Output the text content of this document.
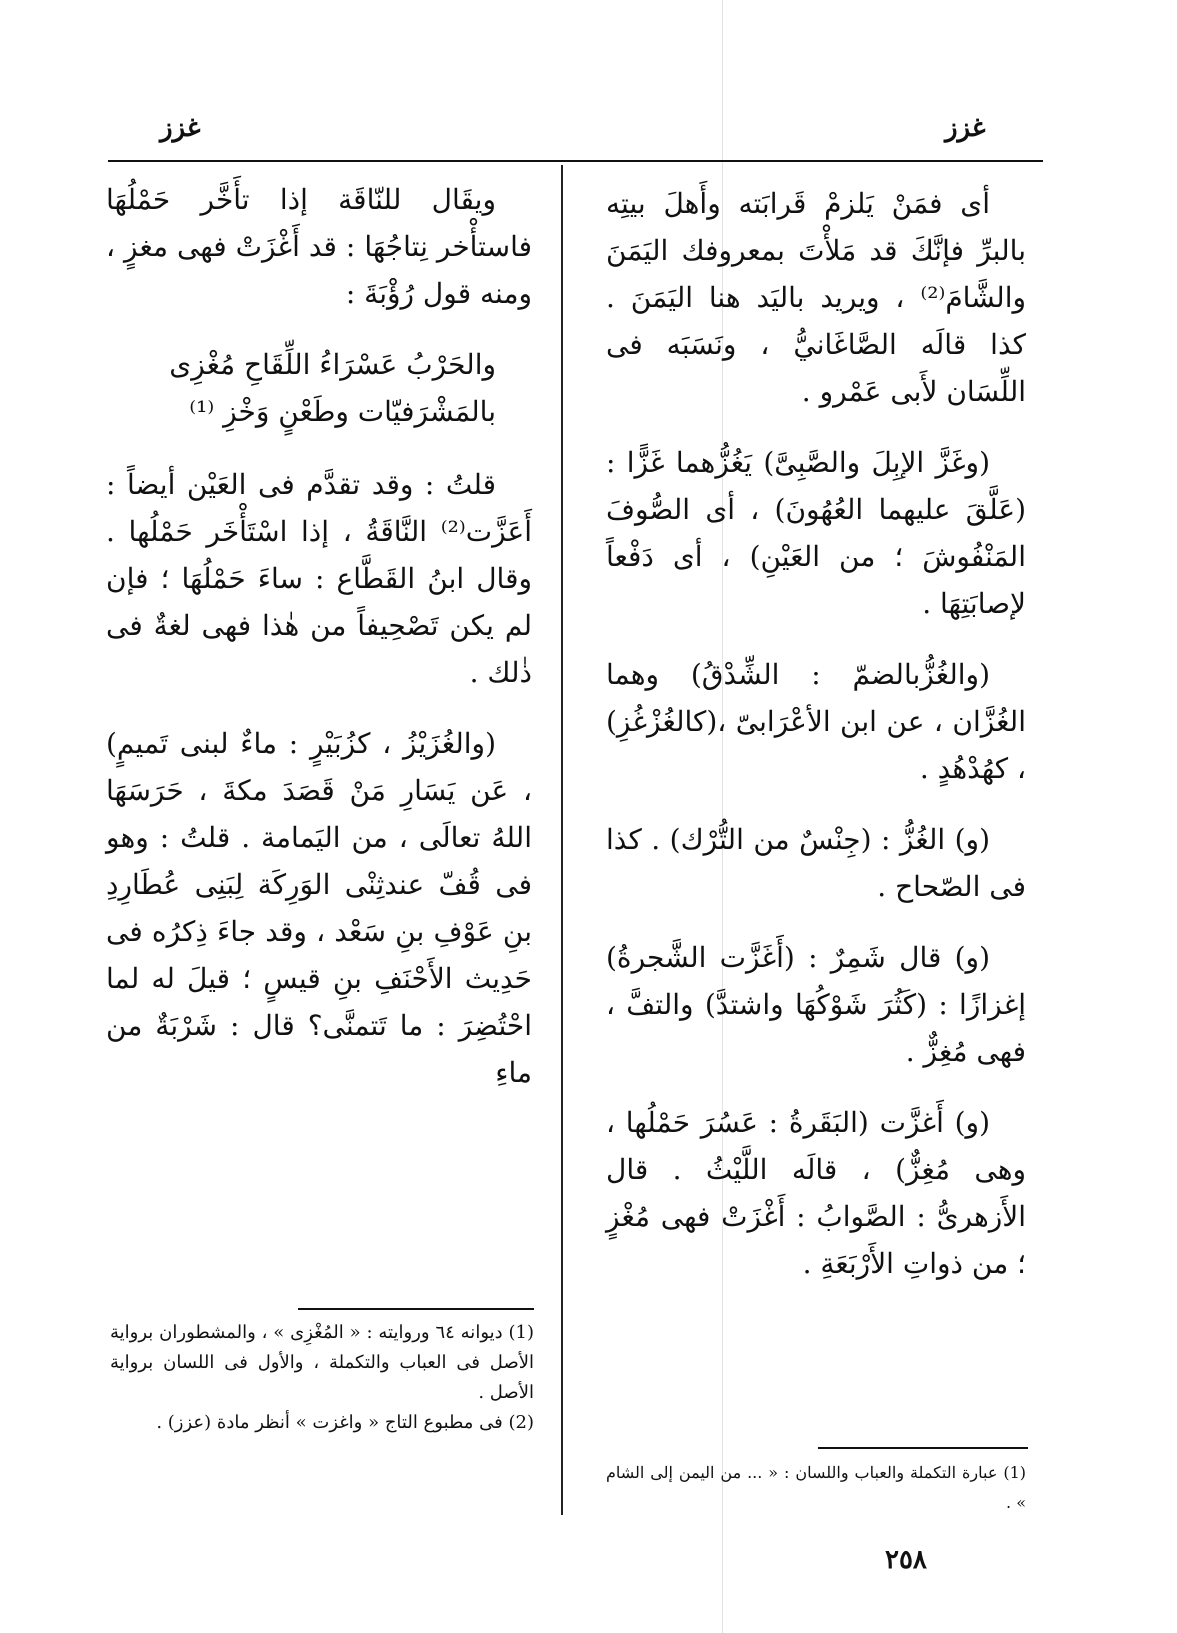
غزز
غزز

أى فمَنْ يَلزمْ قَرابَته وأَهلَ بيتِه بالبرِّ فإنَّكَ قد مَلأْتَ بمعروفك اليَمَنَ والشَّامَ⁽²⁾ ، ويريد باليَد هنا اليَمَنَ . كذا قالَه الصَّاغَانيُّ ، ونَسَبَه فى اللِّسَان لأَبى عَمْرو .

(وغَزَّ الإبِلَ والصَّبِىَّ) يَغُزُّهما غَزًّا : (عَلَّقَ عليهما العُهُونَ) ، أى الصُّوفَ المَنْفُوشَ ؛ من العَيْنِ) ، أى دَفْعاً لإصابَتِهَا .

(والغُزُّبالضمّ : الشِّدْقُ) وهما الغُزَّان ، عن ابن الأعْرَابىّ ،(كالغُزْغُزِ) ، كهُدْهُدٍ .

(و) الغُزُّ : (جِنْسٌ من التُّرْك) . كذا فى الصّحاح .

(و) قال شَمِرٌ : (أَغَزَّت الشَّجرةُ) إغزازًا : (كَثُرَ شَوْكُهَا واشتدَّ) والتفَّ ، فهى مُغِزٌّ .

(و) أَغزَّت (البَقَرةُ : عَسُرَ حَمْلُها ، وهى مُغِزٌّ) ، قالَه اللَّيْثُ . قال الأَزهرىُّ : الصَّوابُ : أَغْزَتْ فهى مُغْزٍ ؛ من ذواتِ الأَرْبَعَةِ .

ويقَال للنّاقَة إذا تأَخَّر حَمْلُهَا فاستأْخر نِتاجُهَا : قد أَغْزَتْ فهى مغزٍ ، ومنه قول رُؤْبَةَ :

والحَرْبُ عَسْرَاءُ اللِّقَاحِ مُغْزِى
بالمَشْرَفيّات وطَعْنٍ وَخْزِ ⁽¹⁾

قلتُ : وقد تقدَّم فى العَيْن أيضاً : أَعَزَّت⁽²⁾ النَّاقَةُ ، إذا اسْتَأْخَر حَمْلُها . وقال ابنُ القَطَّاع : ساءَ حَمْلُهَا ؛ فإن لم يكن تَصْحِيفاً من هٰذا فهى لغةٌ فى ذٰلك .

(والغُزَيْزُ ، كزُبَيْرٍ : ماءٌ لبنى تَميمٍ) ، عَن يَسَارِ مَنْ قَصَدَ مكةَ ، حَرَسَهَا اللهُ تعالَى ، من اليَمامة . قلتُ : وهو فى قُفّ عندثِنْى الوَرِكَة لِبَنِى عُطَارِدِ بنِ عَوْفِ بنِ سَعْد ، وقد جاءَ ذِكرُه فى حَدِيث الأَحْنَفِ بنِ قيسٍ ؛ قيلَ له لما احْتُضِرَ : ما تَتمنَّى؟ قال : شَرْبَةٌ من ماءِ

(1) عبارة التكملة والعباب واللسان : « ... من اليمن إلى الشام » .

(1) ديوانه ٦٤ وروايته : « المُغْزِى » ، والمشطوران برواية الأصل فى العباب والتكملة ، والأول فى اللسان برواية الأصل .

(2) فى مطبوع التاج « واغزت » أنظر مادة (عزز) .

٢٥٨
